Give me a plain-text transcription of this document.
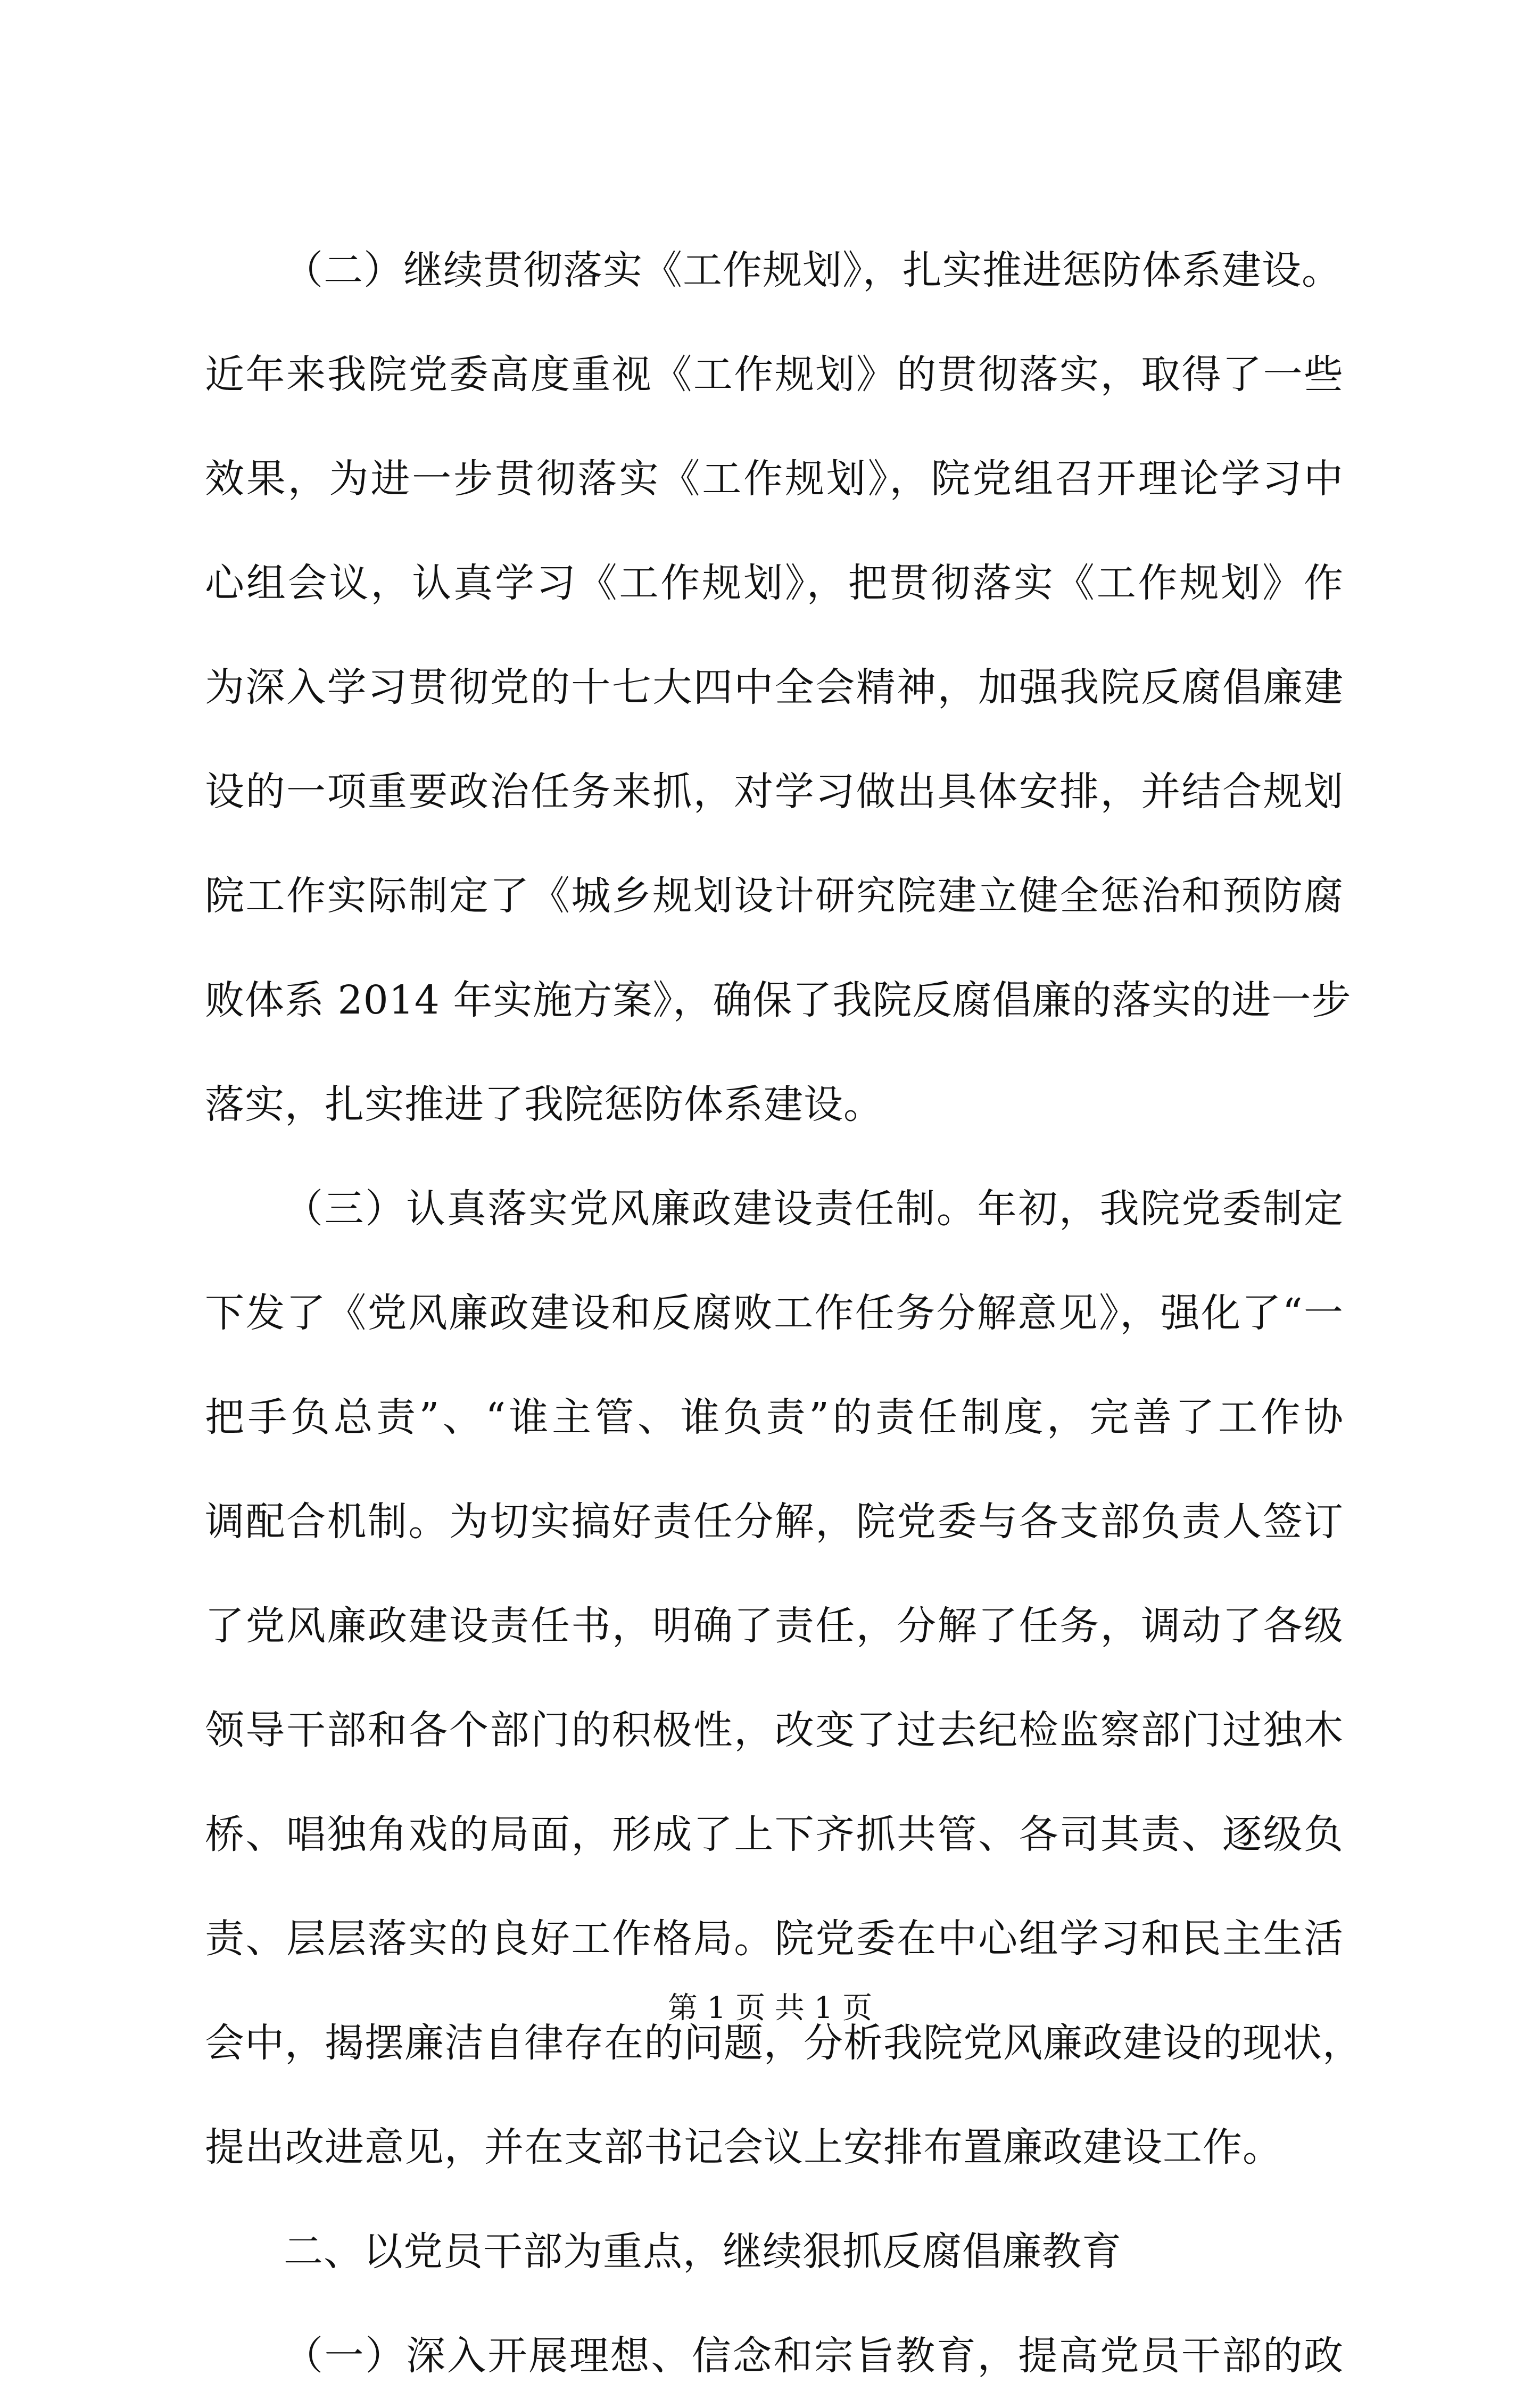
（二）继续贯彻落实《工作规划》，扎实推进惩防体系建设。
近年来我院党委高度重视《工作规划》的贯彻落实，取得了一些
效果，为进一步贯彻落实《工作规划》，院党组召开理论学习中
心组会议，认真学习《工作规划》，把贯彻落实《工作规划》作
为深入学习贯彻党的十七大四中全会精神，加强我院反腐倡廉建
设的一项重要政治任务来抓，对学习做出具体安排，并结合规划
院工作实际制定了《城乡规划设计研究院建立健全惩治和预防腐
败体系 2014 年实施方案》，确保了我院反腐倡廉的落实的进一步
落实，扎实推进了我院惩防体系建设。
（三）认真落实党风廉政建设责任制。年初，我院党委制定
下发了《党风廉政建设和反腐败工作任务分解意见》，强化了“一
把手负总责”、“谁主管、谁负责”的责任制度，完善了工作协
调配合机制。为切实搞好责任分解，院党委与各支部负责人签订
了党风廉政建设责任书，明确了责任，分解了任务，调动了各级
领导干部和各个部门的积极性，改变了过去纪检监察部门过独木
桥、唱独角戏的局面，形成了上下齐抓共管、各司其责、逐级负
责、层层落实的良好工作格局。院党委在中心组学习和民主生活
会中，揭摆廉洁自律存在的问题，分析我院党风廉政建设的现状，
提出改进意见，并在支部书记会议上安排布置廉政建设工作。
二、以党员干部为重点，继续狠抓反腐倡廉教育
（一）深入开展理想、信念和宗旨教育，提高党员干部的政
第 1 页 共 1 页
